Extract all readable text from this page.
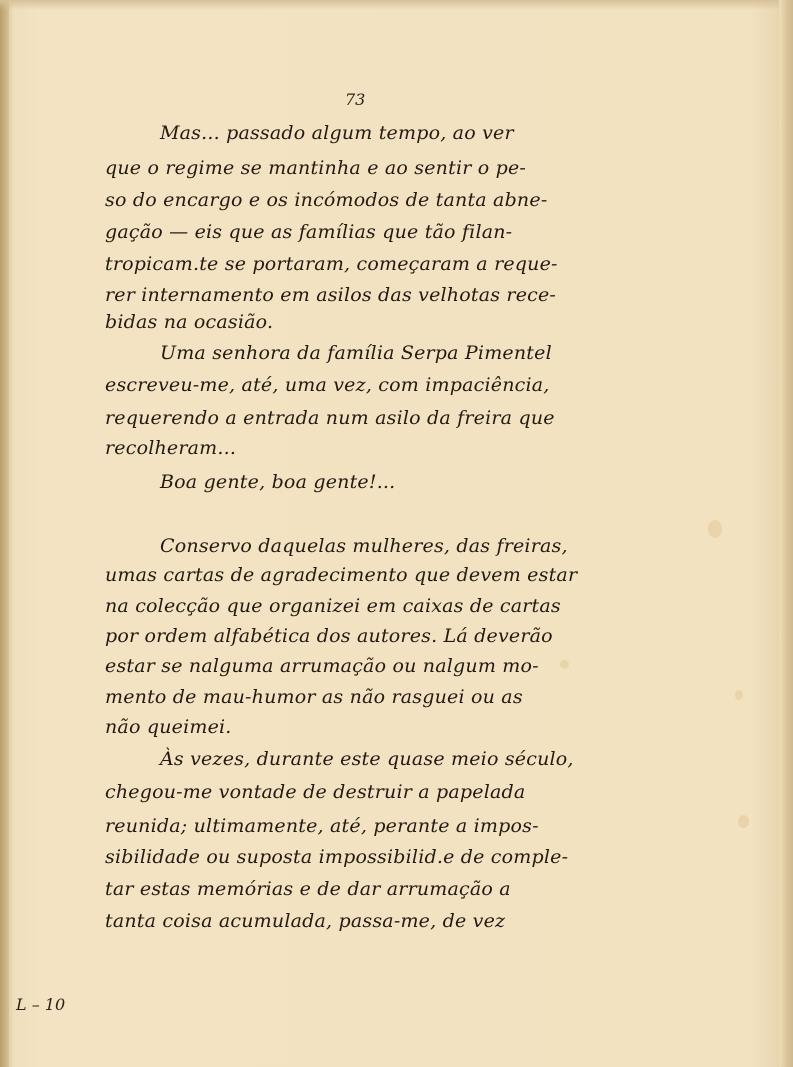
73

Mas... passado algum tempo, ao ver

que o regime se mantinha e ao sentir o pe-

so do encargo e os incómodos de tanta abne-

gação — eis que as famílias que tão filan-

tropicam.te se portaram, começaram a reque-

rer internamento em asilos das velhotas rece-

bidas na ocasião.

Uma senhora da família Serpa Pimentel

escreveu-me, até, uma vez, com impaciência,

requerendo a entrada num asilo da freira que

recolheram...

Boa gente, boa gente!...

Conservo daquelas mulheres, das freiras,

umas cartas de agradecimento que devem estar

na colecção que organizei em caixas de cartas

por ordem alfabética dos autores. Lá deverão

estar se nalguma arrumação ou nalgum mo-

mento de mau-humor as não rasguei ou as

não queimei.

Às vezes, durante este quase meio século,

chegou-me vontade de destruir a papelada

reunida; ultimamente, até, perante a impos-

sibilidade ou suposta impossibilid.e de comple-

tar estas memórias e de dar arrumação a

tanta coisa acumulada, passa-me, de vez

L – 10
